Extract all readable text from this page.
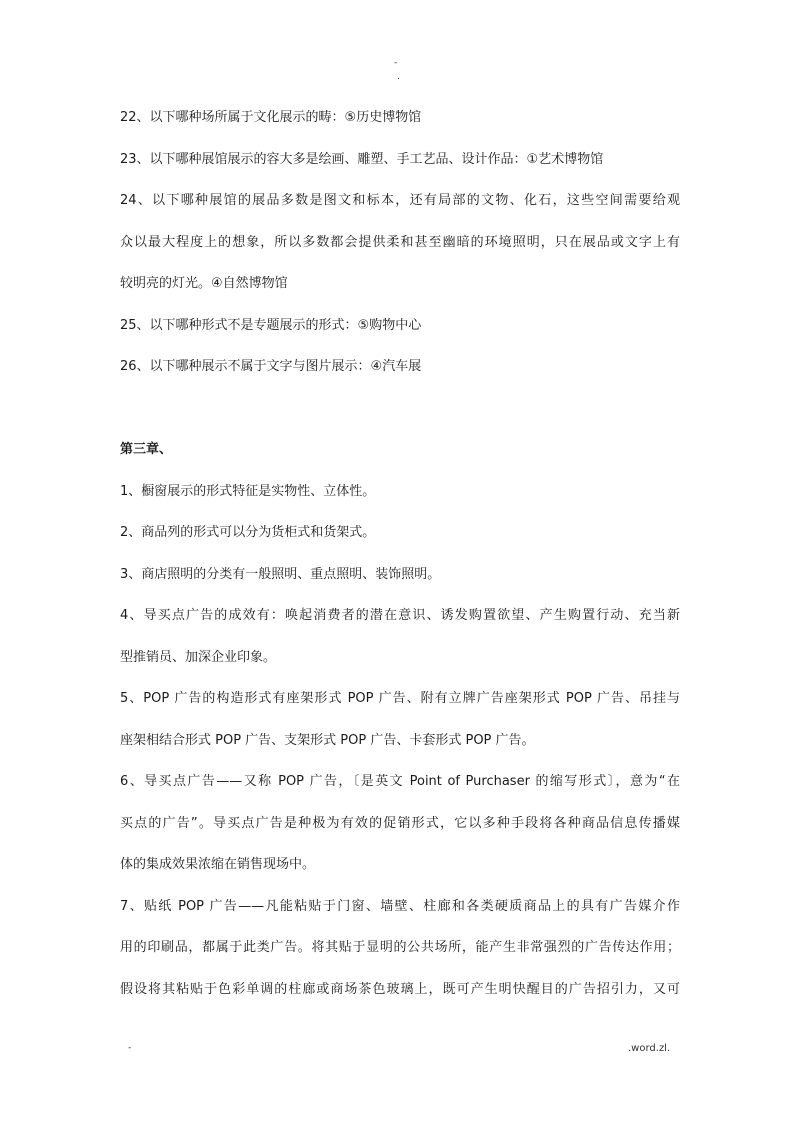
-
.
22、以下哪种场所属于文化展示的畴：⑤历史博物馆
23、以下哪种展馆展示的容大多是绘画、雕塑、手工艺品、设计作品：①艺术博物馆
24、以下哪种展馆的展品多数是图文和标本，还有局部的文物、化石，这些空间需要给观
众以最大程度上的想象，所以多数都会提供柔和甚至幽暗的环境照明，只在展品或文字上有
较明亮的灯光。④自然博物馆
25、以下哪种形式不是专题展示的形式：⑤购物中心
26、以下哪种展示不属于文字与图片展示：④汽车展
第三章、
1、橱窗展示的形式特征是实物性、立体性。
2、商品列的形式可以分为货柜式和货架式。
3、商店照明的分类有一般照明、重点照明、装饰照明。
4、导买点广告的成效有：唤起消费者的潜在意识、诱发购置欲望、产生购置行动、充当新
型推销员、加深企业印象。
5、POP 广告的构造形式有座架形式 POP 广告、附有立牌广告座架形式 POP 广告、吊挂与
座架相结合形式 POP 广告、支架形式 POP 广告、卡套形式 POP 广告。
6、导买点广告——又称 POP 广告，〔是英文 Point of Purchaser 的缩写形式〕，意为“在
买点的广告”。导买点广告是种极为有效的促销形式，它以多种手段将各种商品信息传播媒
体的集成效果浓缩在销售现场中。
7、贴纸 POP 广告——凡能粘贴于门窗、墙壁、柱廊和各类硬质商品上的具有广告媒介作
用的印刷品，都属于此类广告。将其贴于显明的公共场所，能产生非常强烈的广告传达作用；
假设将其粘贴于色彩单调的柱廊或商场茶色玻璃上，既可产生明快醒目的广告招引力，又可
-	.word.zl.
